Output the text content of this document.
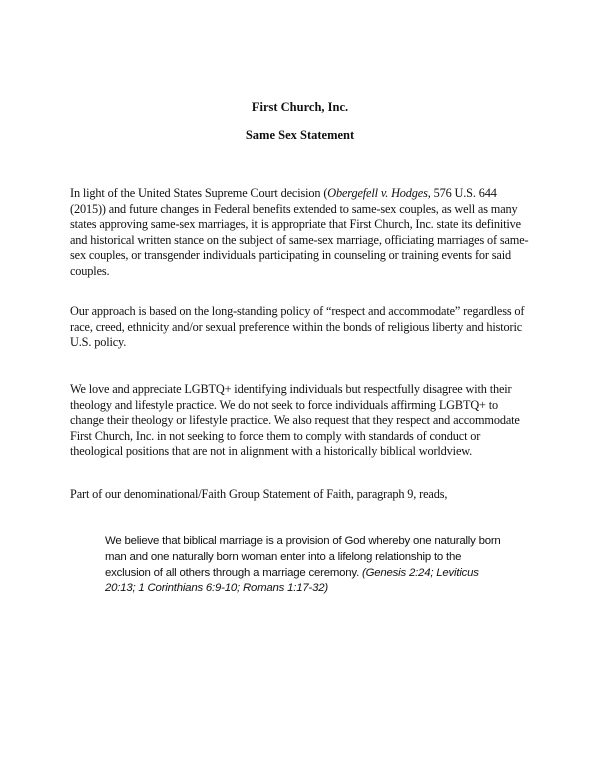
First Church, Inc.
Same Sex Statement

In light of the United States Supreme Court decision (Obergefell v. Hodges, 576 U.S. 644 (2015)) and future changes in Federal benefits extended to same-sex couples, as well as many states approving same-sex marriages, it is appropriate that First Church, Inc. state its definitive and historical written stance on the subject of same-sex marriage, officiating marriages of same-sex couples, or transgender individuals participating in counseling or training events for said couples.

Our approach is based on the long-standing policy of “respect and accommodate” regardless of race, creed, ethnicity and/or sexual preference within the bonds of religious liberty and historic U.S. policy.

We love and appreciate LGBTQ+ identifying individuals but respectfully disagree with their theology and lifestyle practice. We do not seek to force individuals affirming LGBTQ+ to change their theology or lifestyle practice. We also request that they respect and accommodate First Church, Inc. in not seeking to force them to comply with standards of conduct or theological positions that are not in alignment with a historically biblical worldview.

Part of our denominational/Faith Group Statement of Faith, paragraph 9, reads,

We believe that biblical marriage is a provision of God whereby one naturally born man and one naturally born woman enter into a lifelong relationship to the exclusion of all others through a marriage ceremony. (Genesis 2:24; Leviticus 20:13; 1 Corinthians 6:9-10; Romans 1:17-32)
